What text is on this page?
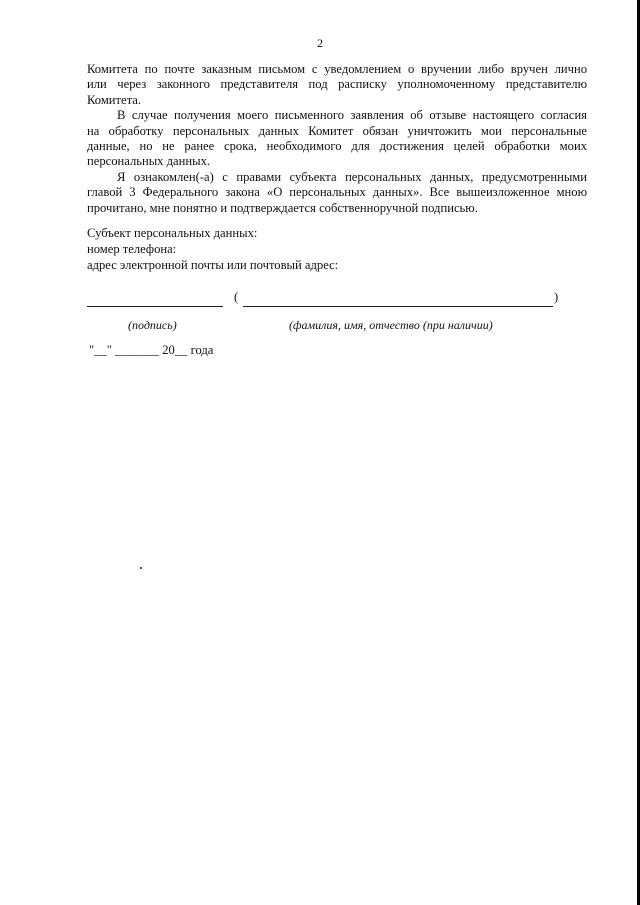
2

Комитета по почте заказным письмом с уведомлением о вручении либо вручен лично
или через законного представителя под расписку уполномоченному представителю
Комитета.

В случае получения моего письменного заявления об отзыве настоящего согласия
на обработку персональных данных Комитет обязан уничтожить мои персональные
данные, но не ранее срока, необходимого для достижения целей обработки моих
персональных данных.

Я ознакомлен(-а) с правами субъекта персональных данных, предусмотренными
главой 3 Федерального закона «О персональных данных». Все вышеизложенное мною
прочитано, мне понятно и подтверждается собственноручной подписью.

Субъект персональных данных:
номер телефона:
адрес электронной почты или почтовый адрес:
(	)
(подпись)	(фамилия, имя, отчество (при наличии)
"__" _______ 20__ года
